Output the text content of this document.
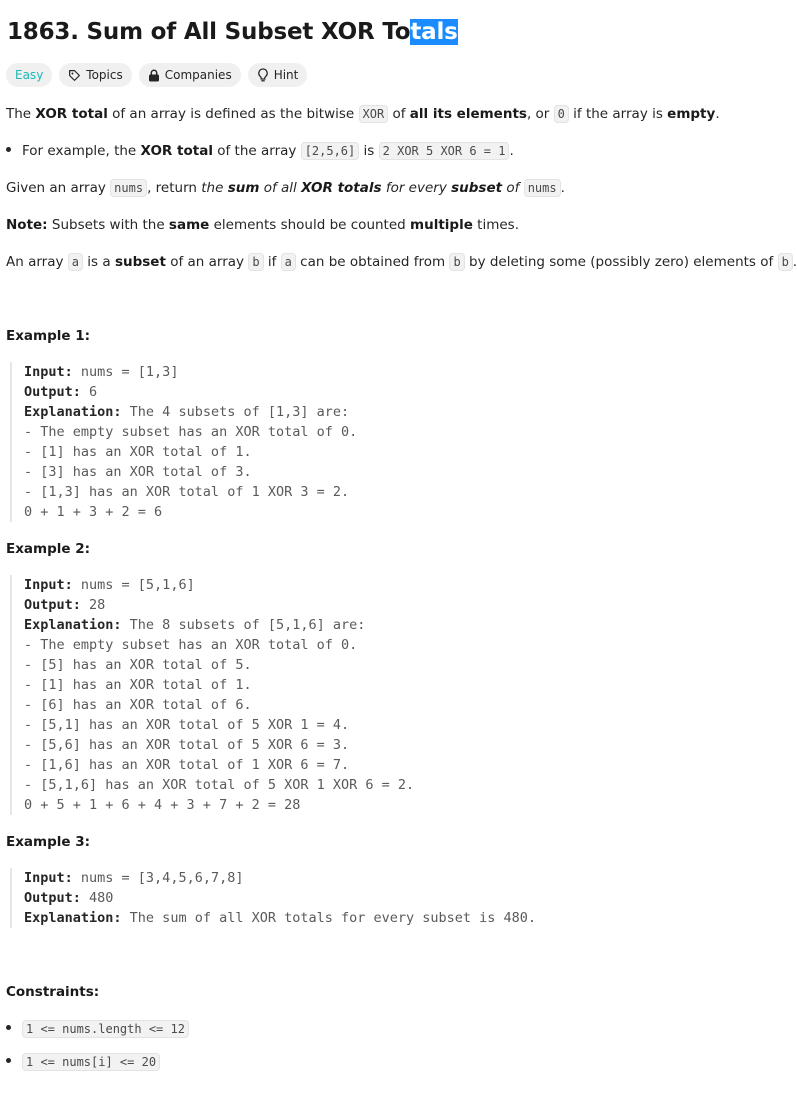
1863. Sum of All Subset XOR Totals
Easy	Topics	Companies	Hint

The XOR total of an array is defined as the bitwise XOR of all its elements, or 0 if the array is empty.

For example, the XOR total of the array [2,5,6] is 2 XOR 5 XOR 6 = 1 .

Given an array nums , return the sum of all XOR totals for every subset of nums .

Note: Subsets with the same elements should be counted multiple times.

An array a is a subset of an array b if a can be obtained from b by deleting some (possibly zero) elements of b .

Example 1:
Input: nums = [1,3]
Output: 6
Explanation: The 4 subsets of [1,3] are:
- The empty subset has an XOR total of 0.
- [1] has an XOR total of 1.
- [3] has an XOR total of 3.
- [1,3] has an XOR total of 1 XOR 3 = 2.
0 + 1 + 3 + 2 = 6
Example 2:
Input: nums = [5,1,6]
Output: 28
Explanation: The 8 subsets of [5,1,6] are:
- The empty subset has an XOR total of 0.
- [5] has an XOR total of 5.
- [1] has an XOR total of 1.
- [6] has an XOR total of 6.
- [5,1] has an XOR total of 5 XOR 1 = 4.
- [5,6] has an XOR total of 5 XOR 6 = 3.
- [1,6] has an XOR total of 1 XOR 6 = 7.
- [5,1,6] has an XOR total of 5 XOR 1 XOR 6 = 2.
0 + 5 + 1 + 6 + 4 + 3 + 7 + 2 = 28
Example 3:
Input: nums = [3,4,5,6,7,8]
Output: 480
Explanation: The sum of all XOR totals for every subset is 480.
Constraints:
1 <= nums.length <= 12
1 <= nums[i] <= 20
